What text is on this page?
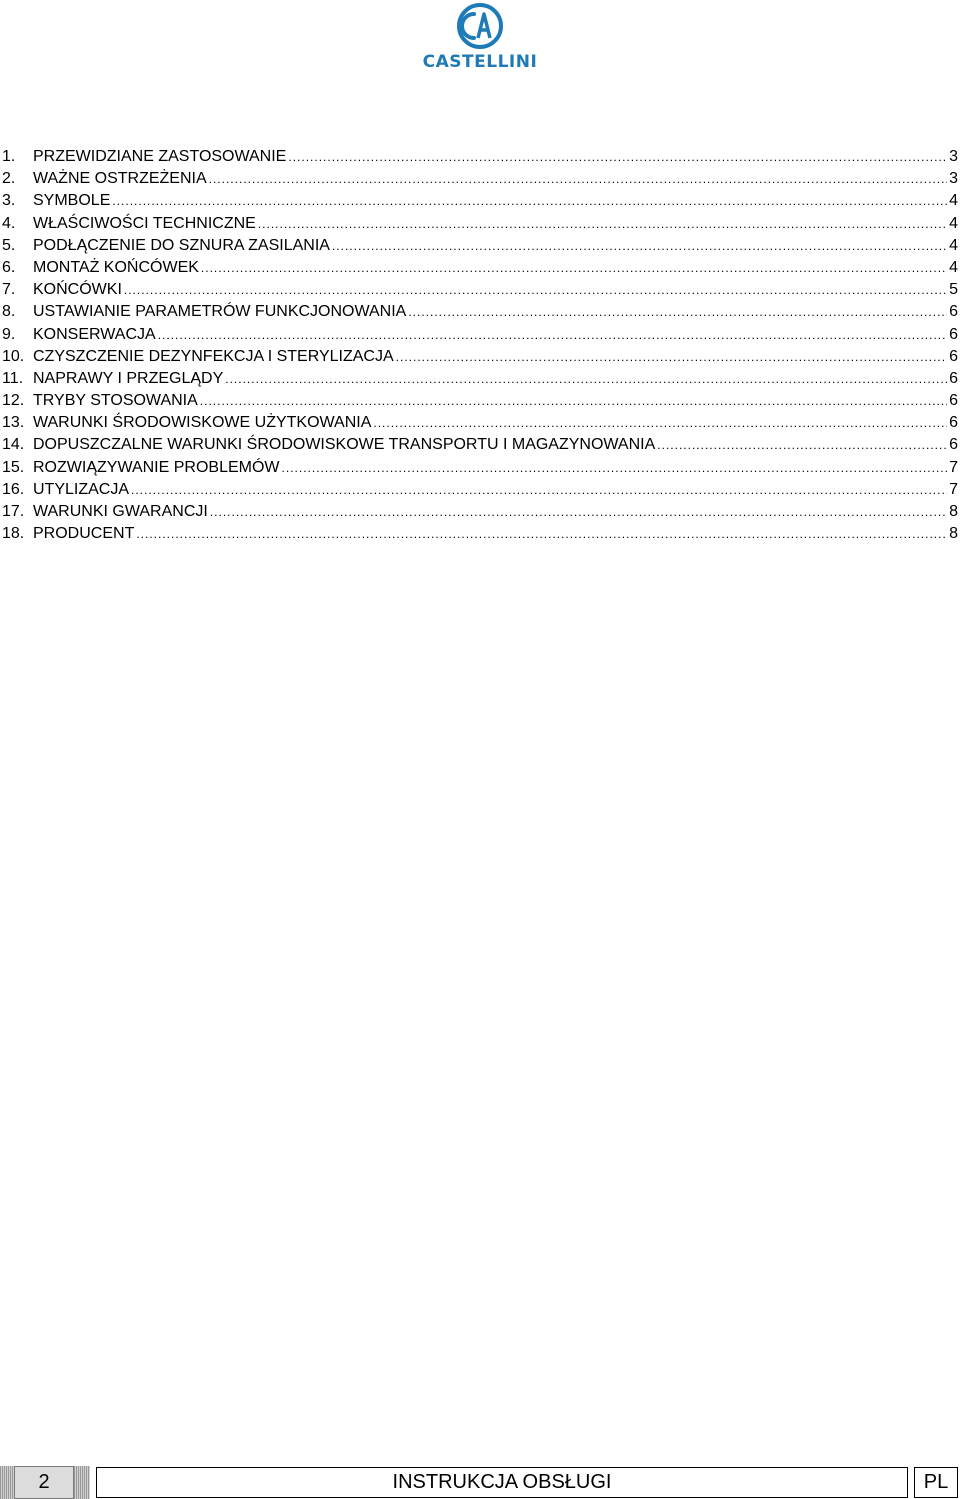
CASTELLINI
1.	PRZEWIDZIANE ZASTOSOWANIE .....	3
2.	WAŻNE OSTRZEŻENIA .....	3
3.	SYMBOLE .....	4
4.	WŁAŚCIWOŚCI TECHNICZNE .....	4
5.	PODŁĄCZENIE DO SZNURA ZASILANIA .....	4
6.	MONTAŻ KOŃCÓWEK .....	4
7.	KOŃCÓWKI .....	5
8.	USTAWIANIE PARAMETRÓW FUNKCJONOWANIA .....	6
9.	KONSERWACJA .....	6
10. CZYSZCZENIE DEZYNFEKCJA I STERYLIZACJA .....	6
11. NAPRAWY I PRZEGLĄDY .....	6
12. TRYBY STOSOWANIA .....	6
13. WARUNKI ŚRODOWISKOWE UŻYTKOWANIA .....	6
14. DOPUSZCZALNE WARUNKI ŚRODOWISKOWE TRANSPORTU I MAGAZYNOWANIA .....	6
15. ROZWIĄZYWANIE PROBLEMÓW .....	7
16. UTYLIZACJA .....	7
17. WARUNKI GWARANCJI .....	8
18. PRODUCENT .....	8
2	INSTRUKCJA OBSŁUGI	PL
